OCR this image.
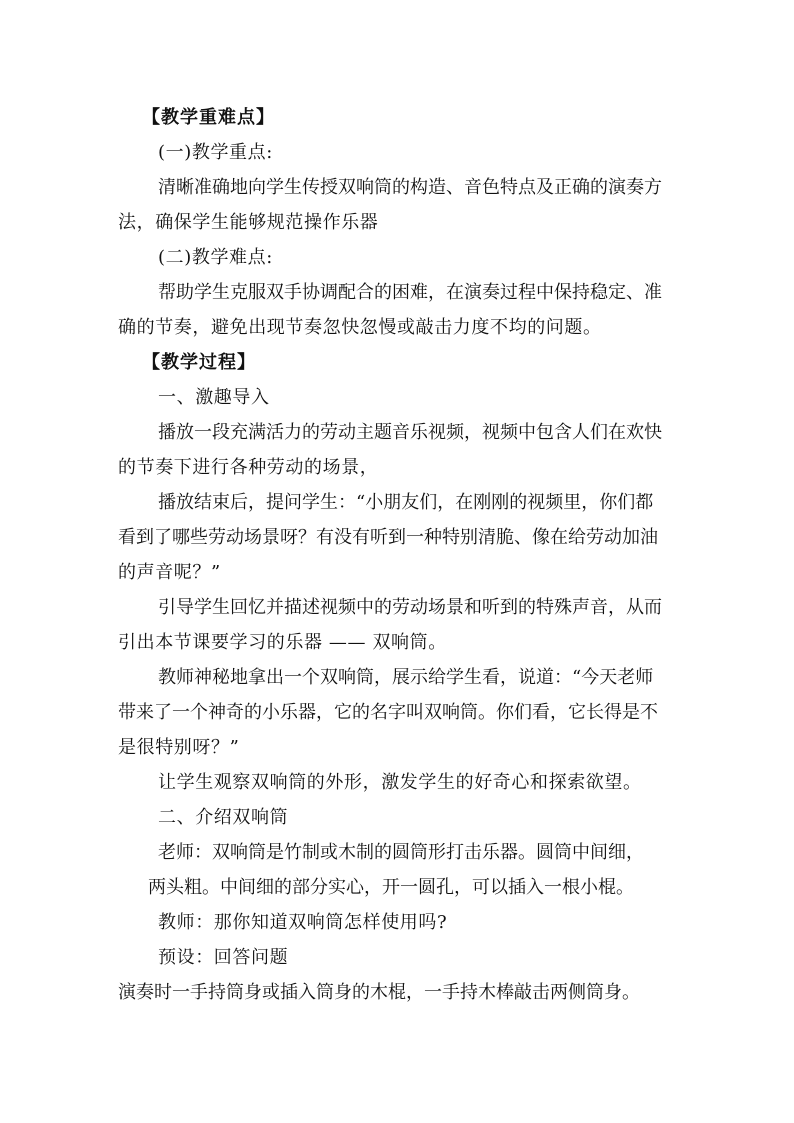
【教学重难点】
(一)教学重点:
清晰准确地向学生传授双响筒的构造、音色特点及正确的演奏方
法，确保学生能够规范操作乐器
(二)教学难点:
帮助学生克服双手协调配合的困难，在演奏过程中保持稳定、准
确的节奏，避免出现节奏忽快忽慢或敲击力度不均的问题。
【教学过程】
一、激趣导入
播放一段充满活力的劳动主题音乐视频，视频中包含人们在欢快
的节奏下进行各种劳动的场景，
播放结束后，提问学生：“小朋友们，在刚刚的视频里，你们都
看到了哪些劳动场景呀？有没有听到一种特别清脆、像在给劳动加油
的声音呢？”
引导学生回忆并描述视频中的劳动场景和听到的特殊声音，从而
引出本节课要学习的乐器 —— 双响筒。
教师神秘地拿出一个双响筒，展示给学生看，说道：“今天老师
带来了一个神奇的小乐器，它的名字叫双响筒。你们看，它长得是不
是很特别呀？”
让学生观察双响筒的外形，激发学生的好奇心和探索欲望。
二、介绍双响筒
老师：双响筒是竹制或木制的圆筒形打击乐器。圆筒中间细，
两头粗。中间细的部分实心，开一圆孔，可以插入一根小棍。
教师：那你知道双响筒怎样使用吗?
预设：回答问题
演奏时一手持筒身或插入筒身的木棍，一手持木棒敲击两侧筒身。
